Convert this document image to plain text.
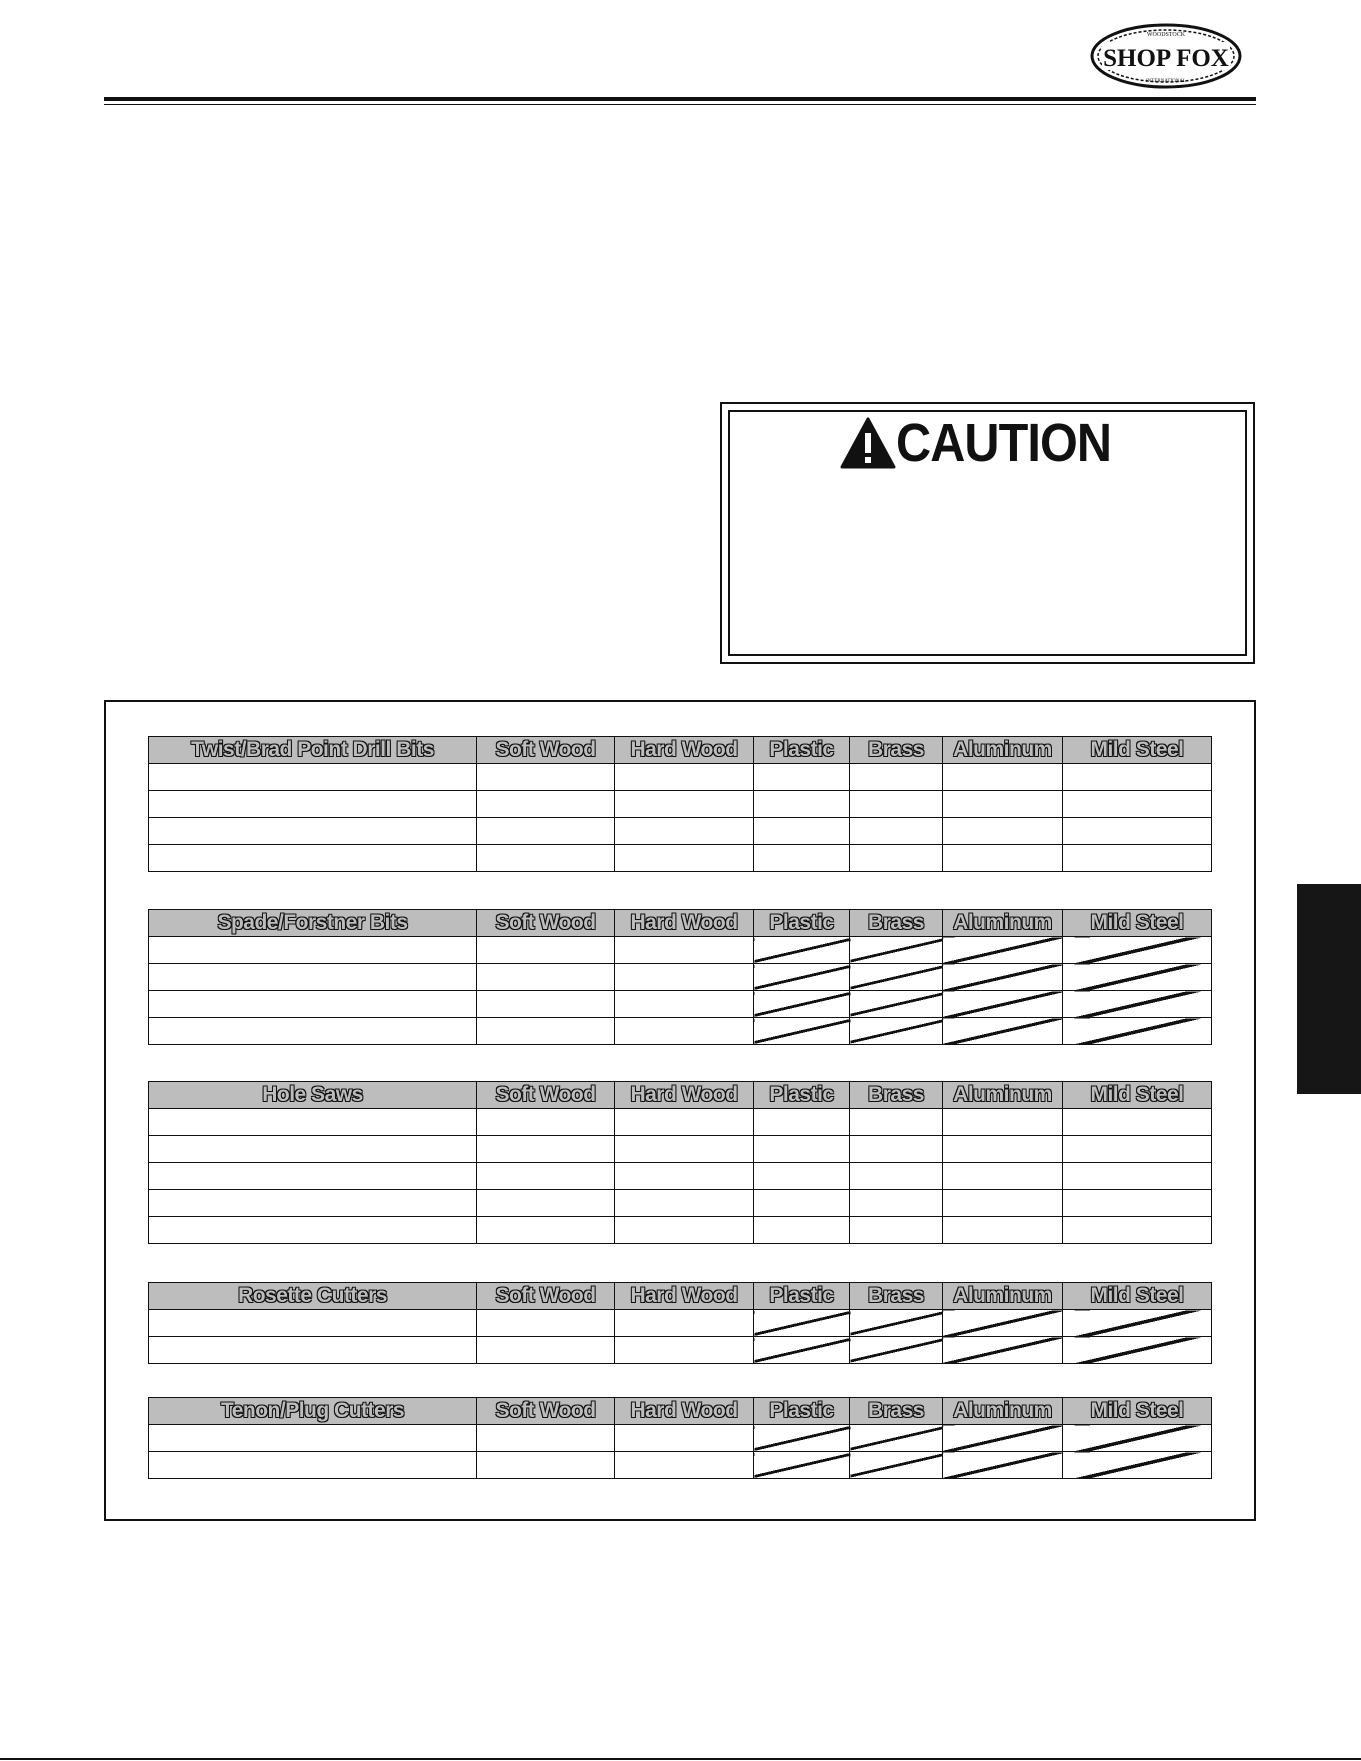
SHOP FOX
WOODSTOCK
INTERNATIONAL
CAUTION
Twist/Brad Point Drill Bits	Soft Wood	Hard Wood	Plastic	Brass	Aluminum	Mild Steel

Spade/Forstner Bits	Soft Wood	Hard Wood	Plastic	Brass	Aluminum	Mild Steel

Hole Saws	Soft Wood	Hard Wood	Plastic	Brass	Aluminum	Mild Steel

Rosette Cutters	Soft Wood	Hard Wood	Plastic	Brass	Aluminum	Mild Steel

Tenon/Plug Cutters	Soft Wood	Hard Wood	Plastic	Brass	Aluminum	Mild Steel
